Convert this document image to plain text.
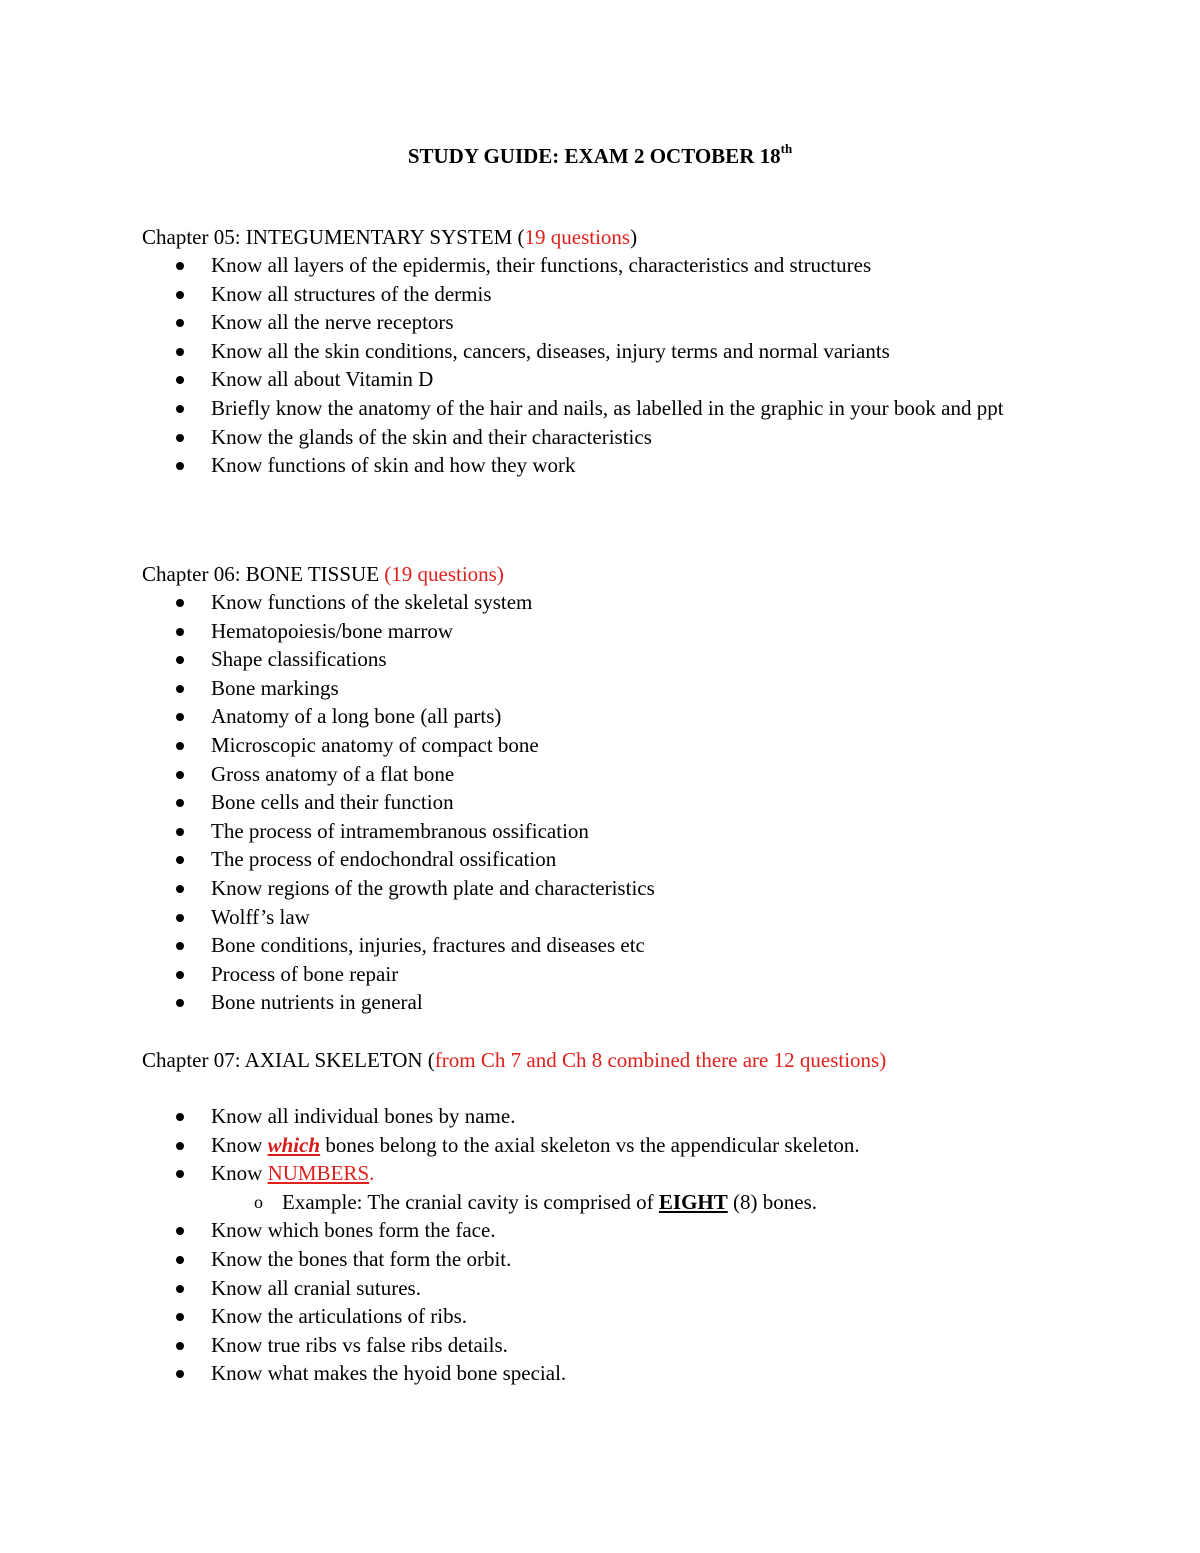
STUDY GUIDE: EXAM 2 OCTOBER 18th
Chapter 05: INTEGUMENTARY SYSTEM (19 questions)
Know all layers of the epidermis, their functions, characteristics and structures
Know all structures of the dermis
Know all the nerve receptors
Know all the skin conditions, cancers, diseases, injury terms and normal variants
Know all about Vitamin D
Briefly know the anatomy of the hair and nails, as labelled in the graphic in your book and ppt
Know the glands of the skin and their characteristics
Know functions of skin and how they work
Chapter 06: BONE TISSUE (19 questions)
Know functions of the skeletal system
Hematopoiesis/bone marrow
Shape classifications
Bone markings
Anatomy of a long bone (all parts)
Microscopic anatomy of compact bone
Gross anatomy of a flat bone
Bone cells and their function
The process of intramembranous ossification
The process of endochondral ossification
Know regions of the growth plate and characteristics
Wolff’s law
Bone conditions, injuries, fractures and diseases etc
Process of bone repair
Bone nutrients in general
Chapter 07: AXIAL SKELETON (from Ch 7 and Ch 8 combined there are 12 questions)
Know all individual bones by name.
Know which bones belong to the axial skeleton vs the appendicular skeleton.
Know NUMBERS.
o Example: The cranial cavity is comprised of EIGHT (8) bones.
Know which bones form the face.
Know the bones that form the orbit.
Know all cranial sutures.
Know the articulations of ribs.
Know true ribs vs false ribs details.
Know what makes the hyoid bone special.
